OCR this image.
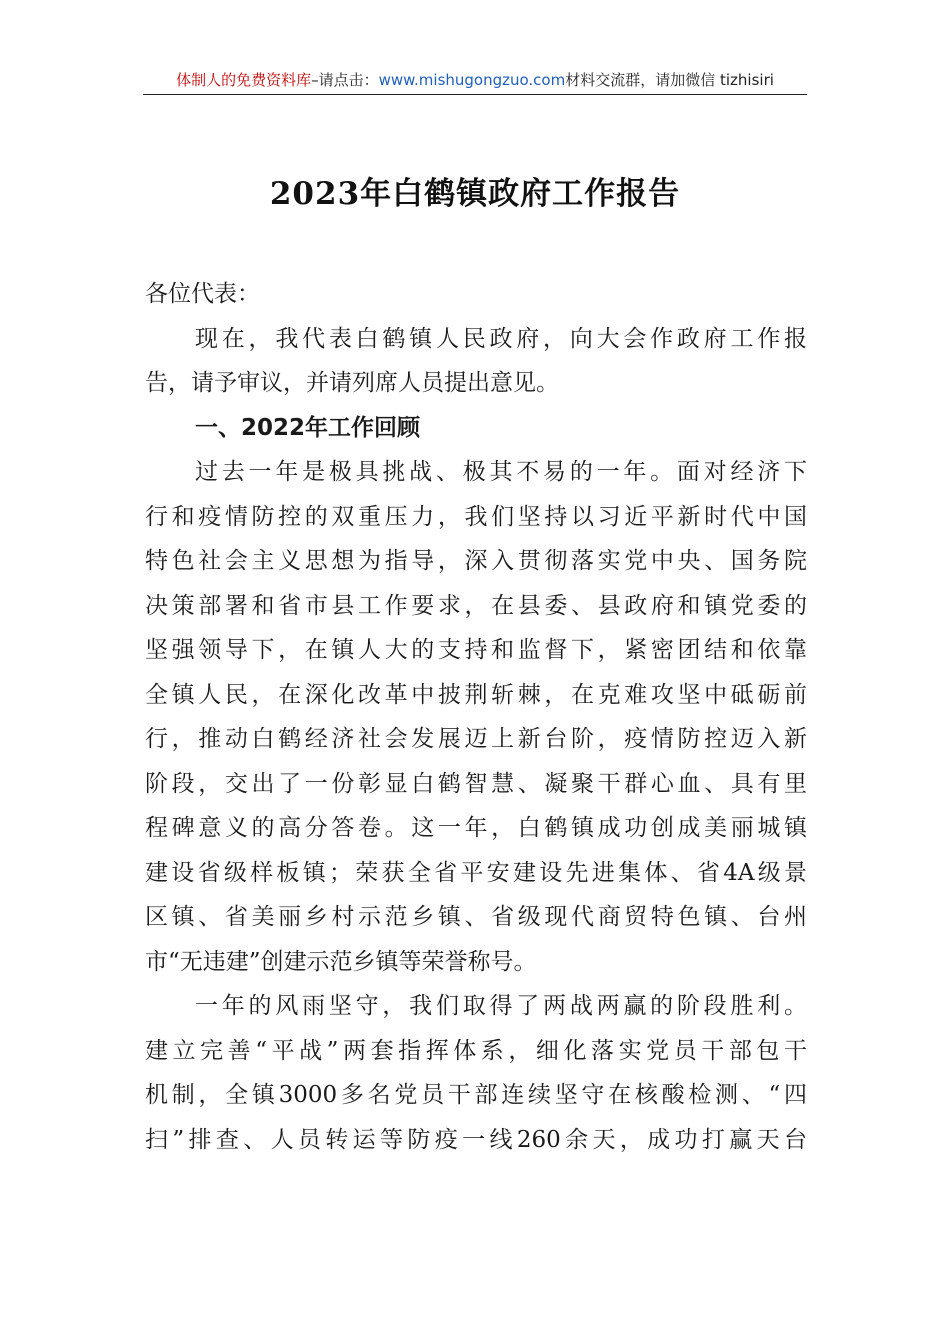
体制人的免费资料库–请点击：www.mishugongzuo.com材料交流群，请加微信 tizhisiri
2023年白鹤镇政府工作报告
各位代表：
现在，我代表白鹤镇人民政府，向大会作政府工作报
告，请予审议，并请列席人员提出意见。
一、2022年工作回顾
过去一年是极具挑战、极其不易的一年。面对经济下
行和疫情防控的双重压力，我们坚持以习近平新时代中国
特色社会主义思想为指导，深入贯彻落实党中央、国务院
决策部署和省市县工作要求，在县委、县政府和镇党委的
坚强领导下，在镇人大的支持和监督下，紧密团结和依靠
全镇人民，在深化改革中披荆斩棘，在克难攻坚中砥砺前
行，推动白鹤经济社会发展迈上新台阶，疫情防控迈入新
阶段，交出了一份彰显白鹤智慧、凝聚干群心血、具有里
程碑意义的高分答卷。这一年，白鹤镇成功创成美丽城镇
建设省级样板镇；荣获全省平安建设先进集体、省4A级景
区镇、省美丽乡村示范乡镇、省级现代商贸特色镇、台州
市“无违建”创建示范乡镇等荣誉称号。
一年的风雨坚守，我们取得了两战两赢的阶段胜利。
建立完善“平战”两套指挥体系，细化落实党员干部包干
机制，全镇3000多名党员干部连续坚守在核酸检测、“四
扫”排查、人员转运等防疫一线260余天，成功打赢天台
